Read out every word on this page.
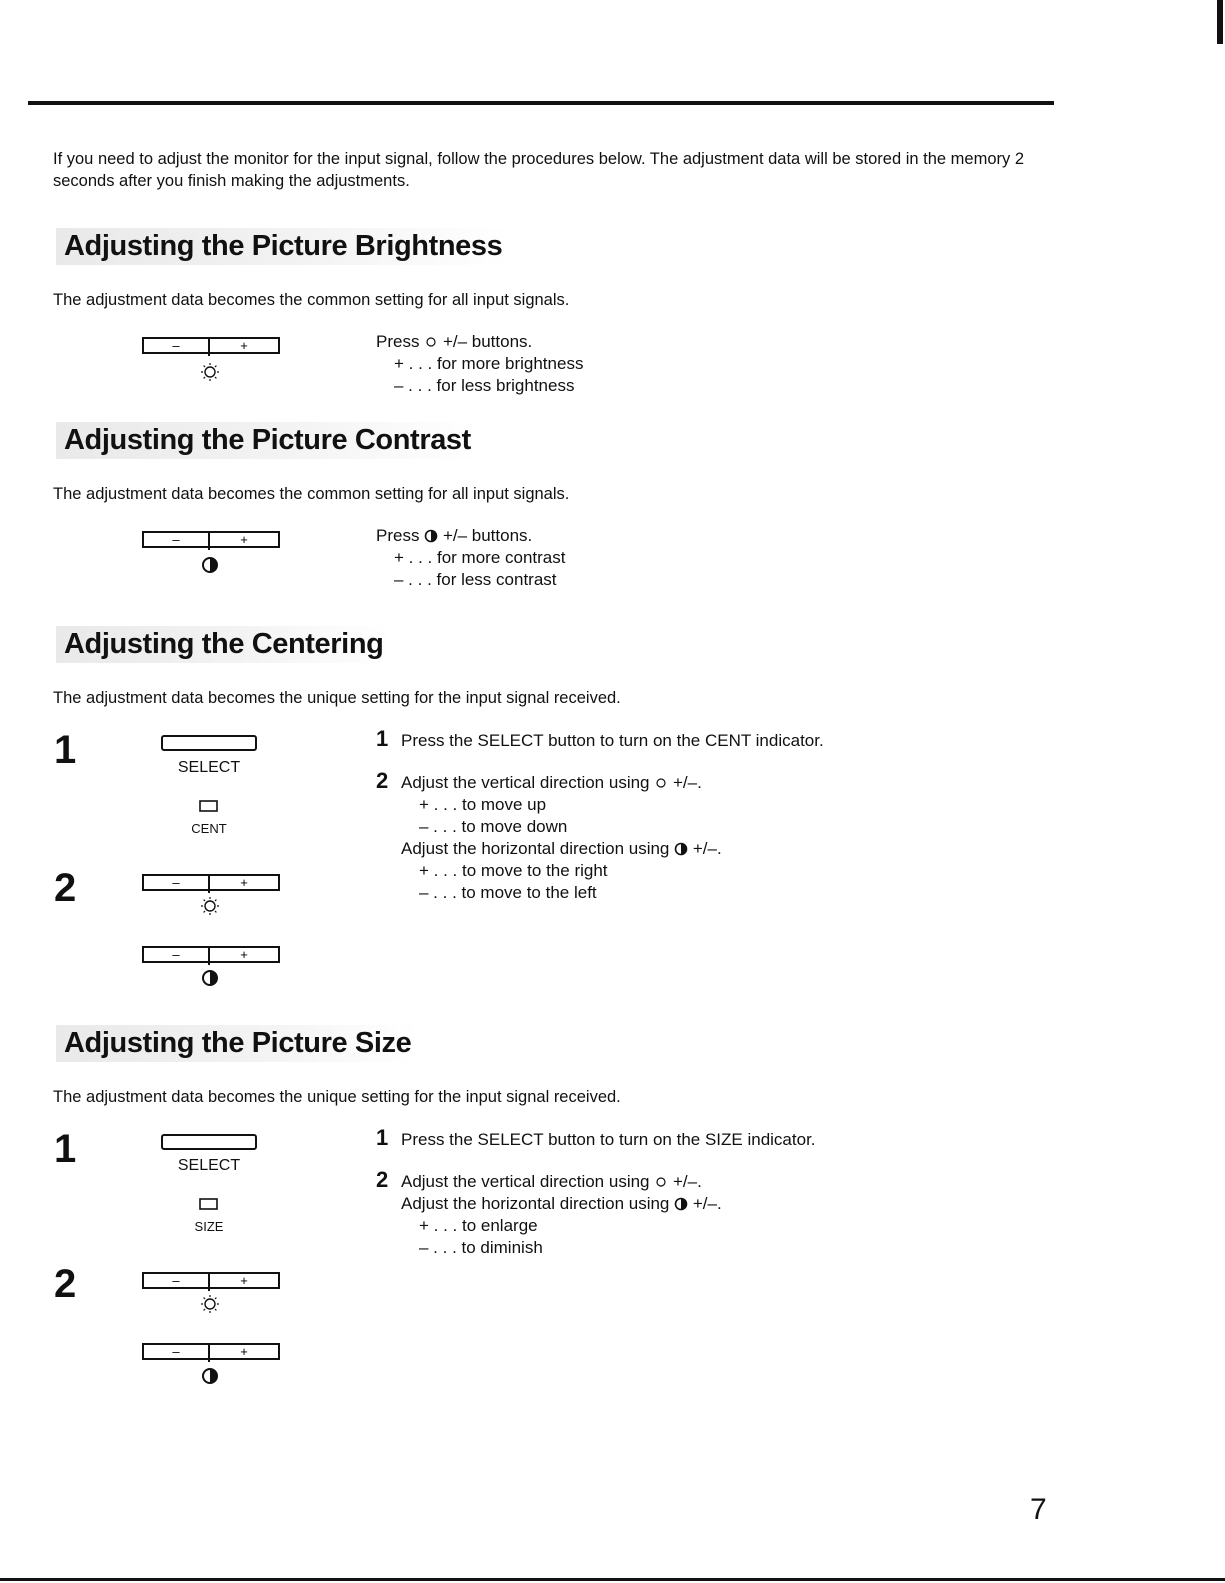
If you need to adjust the monitor for the input signal, follow the procedures below. The adjustment data will be stored in the memory 2 seconds after you finish making the adjustments.
Adjusting the Picture Brightness
The adjustment data becomes the common setting for all input signals.
–	+	Press +/– buttons.
+ . . . for more brightness
– . . . for less brightness
Adjusting the Picture Contrast
The adjustment data becomes the common setting for all input signals.
–	+	Press +/– buttons.
+ . . . for more contrast
– . . . for less contrast
Adjusting the Centering
The adjustment data becomes the unique setting for the input signal received.
1
2
SELECT
CENT
–	+
–	+
1 Press the SELECT button to turn on the CENT indicator.
2 Adjust the vertical direction using +/–.
+ . . . to move up
– . . . to move down
Adjust the horizontal direction using +/–.
+ . . . to move to the right
– . . . to move to the left
Adjusting the Picture Size
The adjustment data becomes the unique setting for the input signal received.
1
2
SELECT
SIZE
–	+
–	+
1 Press the SELECT button to turn on the SIZE indicator.
2 Adjust the vertical direction using +/–.
Adjust the horizontal direction using +/–.
+ . . . to enlarge
– . . . to diminish
7
